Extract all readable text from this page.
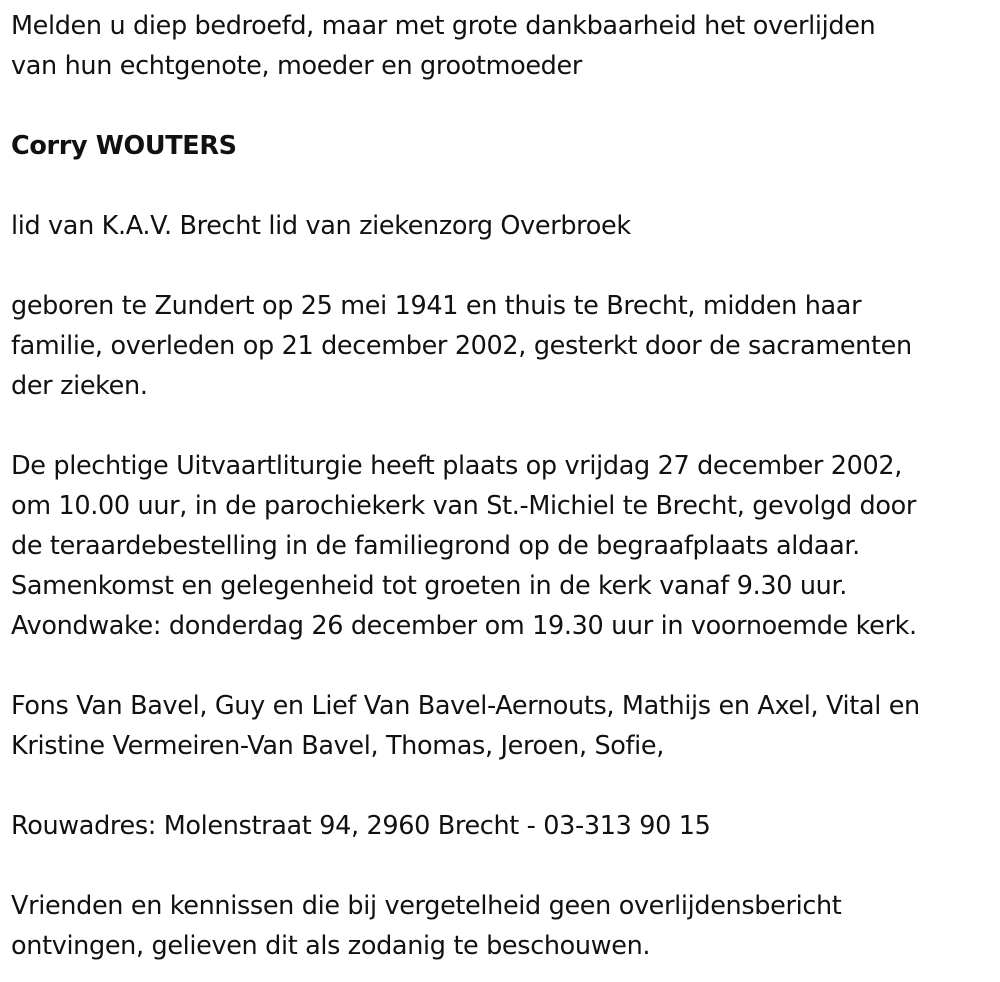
Melden u diep bedroefd, maar met grote dankbaarheid het overlijden
van hun echtgenote, moeder en grootmoeder

Corry WOUTERS

lid van K.A.V. Brecht lid van ziekenzorg Overbroek

geboren te Zundert op 25 mei 1941 en thuis te Brecht, midden haar
familie, overleden op 21 december 2002, gesterkt door de sacramenten
der zieken.

De plechtige Uitvaartliturgie heeft plaats op vrijdag 27 december 2002,
om 10.00 uur, in de parochiekerk van St.-Michiel te Brecht, gevolgd door
de teraardebestelling in de familiegrond op de begraafplaats aldaar.
Samenkomst en gelegenheid tot groeten in de kerk vanaf 9.30 uur.
Avondwake: donderdag 26 december om 19.30 uur in voornoemde kerk.

Fons Van Bavel, Guy en Lief Van Bavel-Aernouts, Mathijs en Axel, Vital en
Kristine Vermeiren-Van Bavel, Thomas, Jeroen, Sofie,

Rouwadres: Molenstraat 94, 2960 Brecht - 03-313 90 15

Vrienden en kennissen die bij vergetelheid geen overlijdensbericht
ontvingen, gelieven dit als zodanig te beschouwen.
